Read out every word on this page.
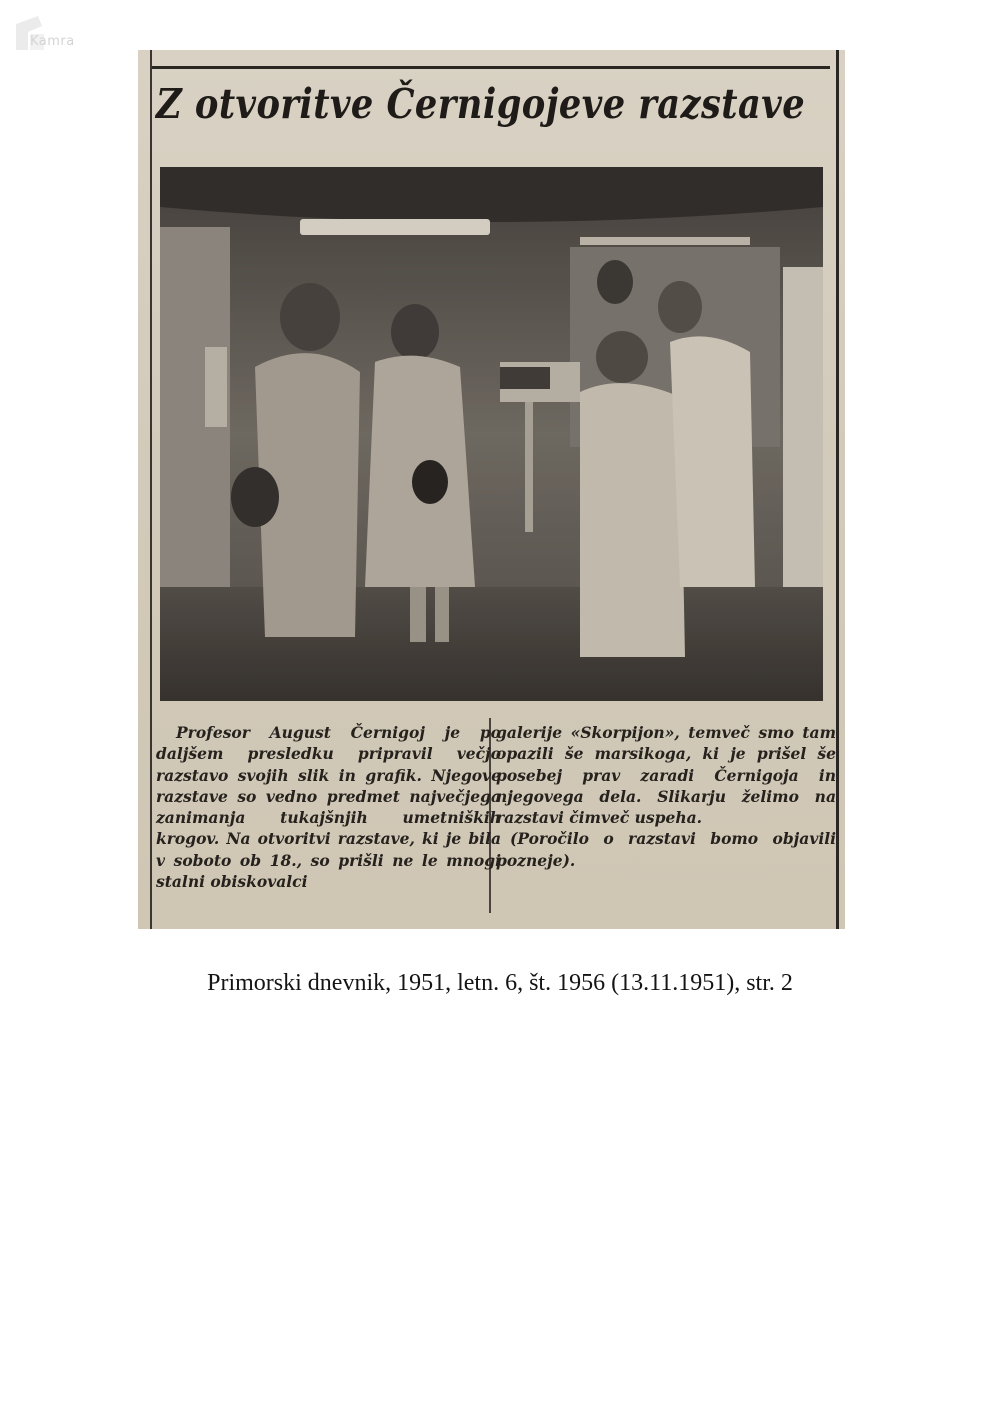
Kamra
Z otvoritve Černigojeve razstave

Profesor August Černigoj je po daljšem presledku pripravil večjo razstavo svojih slik in grafik. Njegove razstave so vedno predmet največjega zanimanja tukajšnjih umetniških krogov. Na otvoritvi razstave, ki je bila v soboto ob 18., so prišli ne le mnogi stalni obiskovalci

galerije «Skorpijon», temveč smo tam opazili še marsikoga, ki je prišel še posebej prav zaradi Černigoja in njegovega dela. Slikarju želimo na razstavi čimveč uspeha.

(Poročilo o razstavi bomo objavili pozneje).

Primorski dnevnik, 1951, letn. 6, št. 1956 (13.11.1951), str. 2
